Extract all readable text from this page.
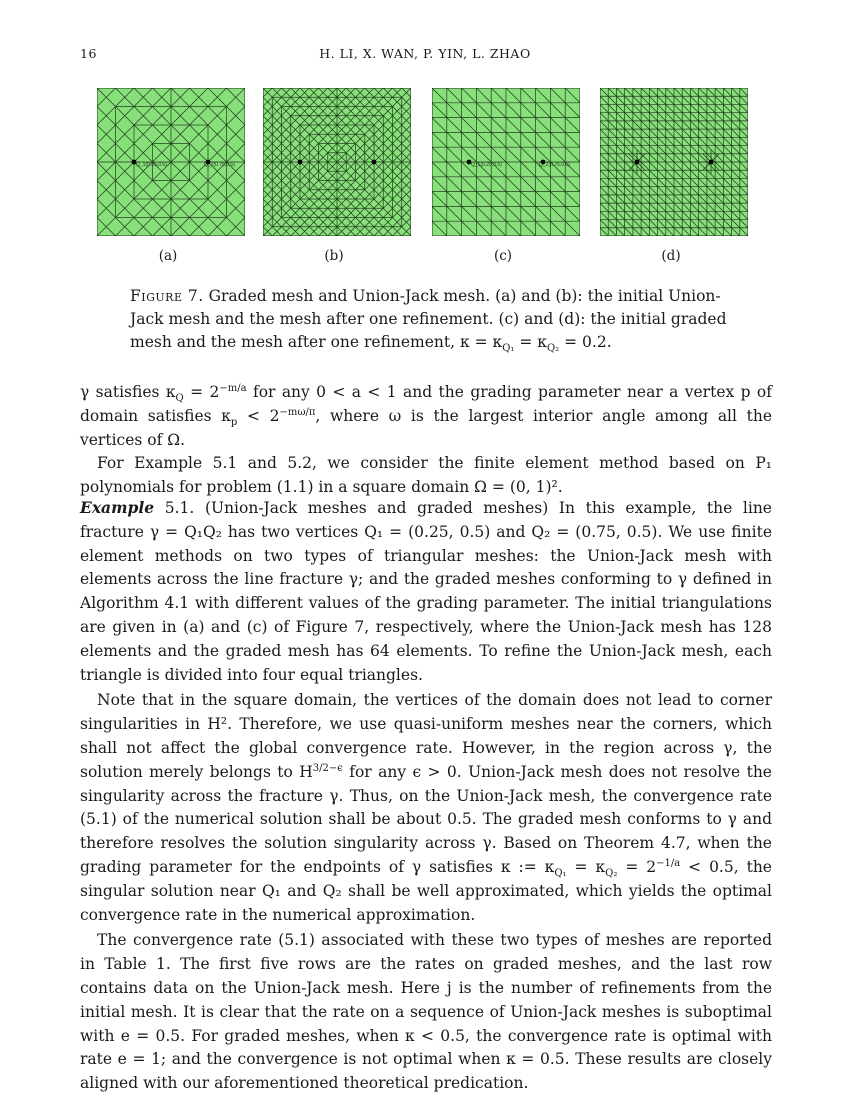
16	H. LI, X. WAN, P. YIN, L. ZHAO
Q_1(0.25,0.5)	Q_2(0.75,0.5)	Q_1(0.25,0.5)	Q_2(0.75,0.5)
(a)	(b)	(c)	(d)
Figure 7. Graded mesh and Union-Jack mesh. (a) and (b): the initial Union-Jack mesh and the mesh after one refinement. (c) and (d): the initial graded mesh and the mesh after one refinement, $\kappa = \kappa_{Q_1} = \kappa_{Q_2} = 0.2$.

γ satisfies $\kappa_Q = 2^{-m/a}$ for any 0 < a < 1 and the grading parameter near a vertex p of domain satisfies $\kappa_p < 2^{-m\omega/\pi}$, where ω is the largest interior angle among all the vertices of Ω.

For Example 5.1 and 5.2, we consider the finite element method based on P₁ polynomials for problem (1.1) in a square domain Ω = (0, 1)².

Example 5.1. (Union-Jack meshes and graded meshes) In this example, the line fracture γ = Q₁Q₂ has two vertices Q₁ = (0.25, 0.5) and Q₂ = (0.75, 0.5). We use finite element methods on two types of triangular meshes: the Union-Jack mesh with elements across the line fracture γ; and the graded meshes conforming to γ defined in Algorithm 4.1 with different values of the grading parameter. The initial triangulations are given in (a) and (c) of Figure 7, respectively, where the Union-Jack mesh has 128 elements and the graded mesh has 64 elements. To refine the Union-Jack mesh, each triangle is divided into four equal triangles.

Note that in the square domain, the vertices of the domain does not lead to corner singularities in H². Therefore, we use quasi-uniform meshes near the corners, which shall not affect the global convergence rate. However, in the region across γ, the solution merely belongs to $H^{3/2-\epsilon}$ for any ϵ > 0. Union-Jack mesh does not resolve the singularity across the fracture γ. Thus, on the Union-Jack mesh, the convergence rate (5.1) of the numerical solution shall be about 0.5. The graded mesh conforms to γ and therefore resolves the solution singularity across γ. Based on Theorem 4.7, when the grading parameter for the endpoints of γ satisfies κ := $\kappa_{Q_1} = \kappa_{Q_2} = 2^{-1/a} < 0.5$, the singular solution near Q₁ and Q₂ shall be well approximated, which yields the optimal convergence rate in the numerical approximation.

The convergence rate (5.1) associated with these two types of meshes are reported in Table 1. The first five rows are the rates on graded meshes, and the last row contains data on the Union-Jack mesh. Here j is the number of refinements from the initial mesh. It is clear that the rate on a sequence of Union-Jack meshes is suboptimal with e = 0.5. For graded meshes, when κ < 0.5, the convergence rate is optimal with rate e = 1; and the convergence is not optimal when κ = 0.5. These results are closely aligned with our aforementioned theoretical predication.
